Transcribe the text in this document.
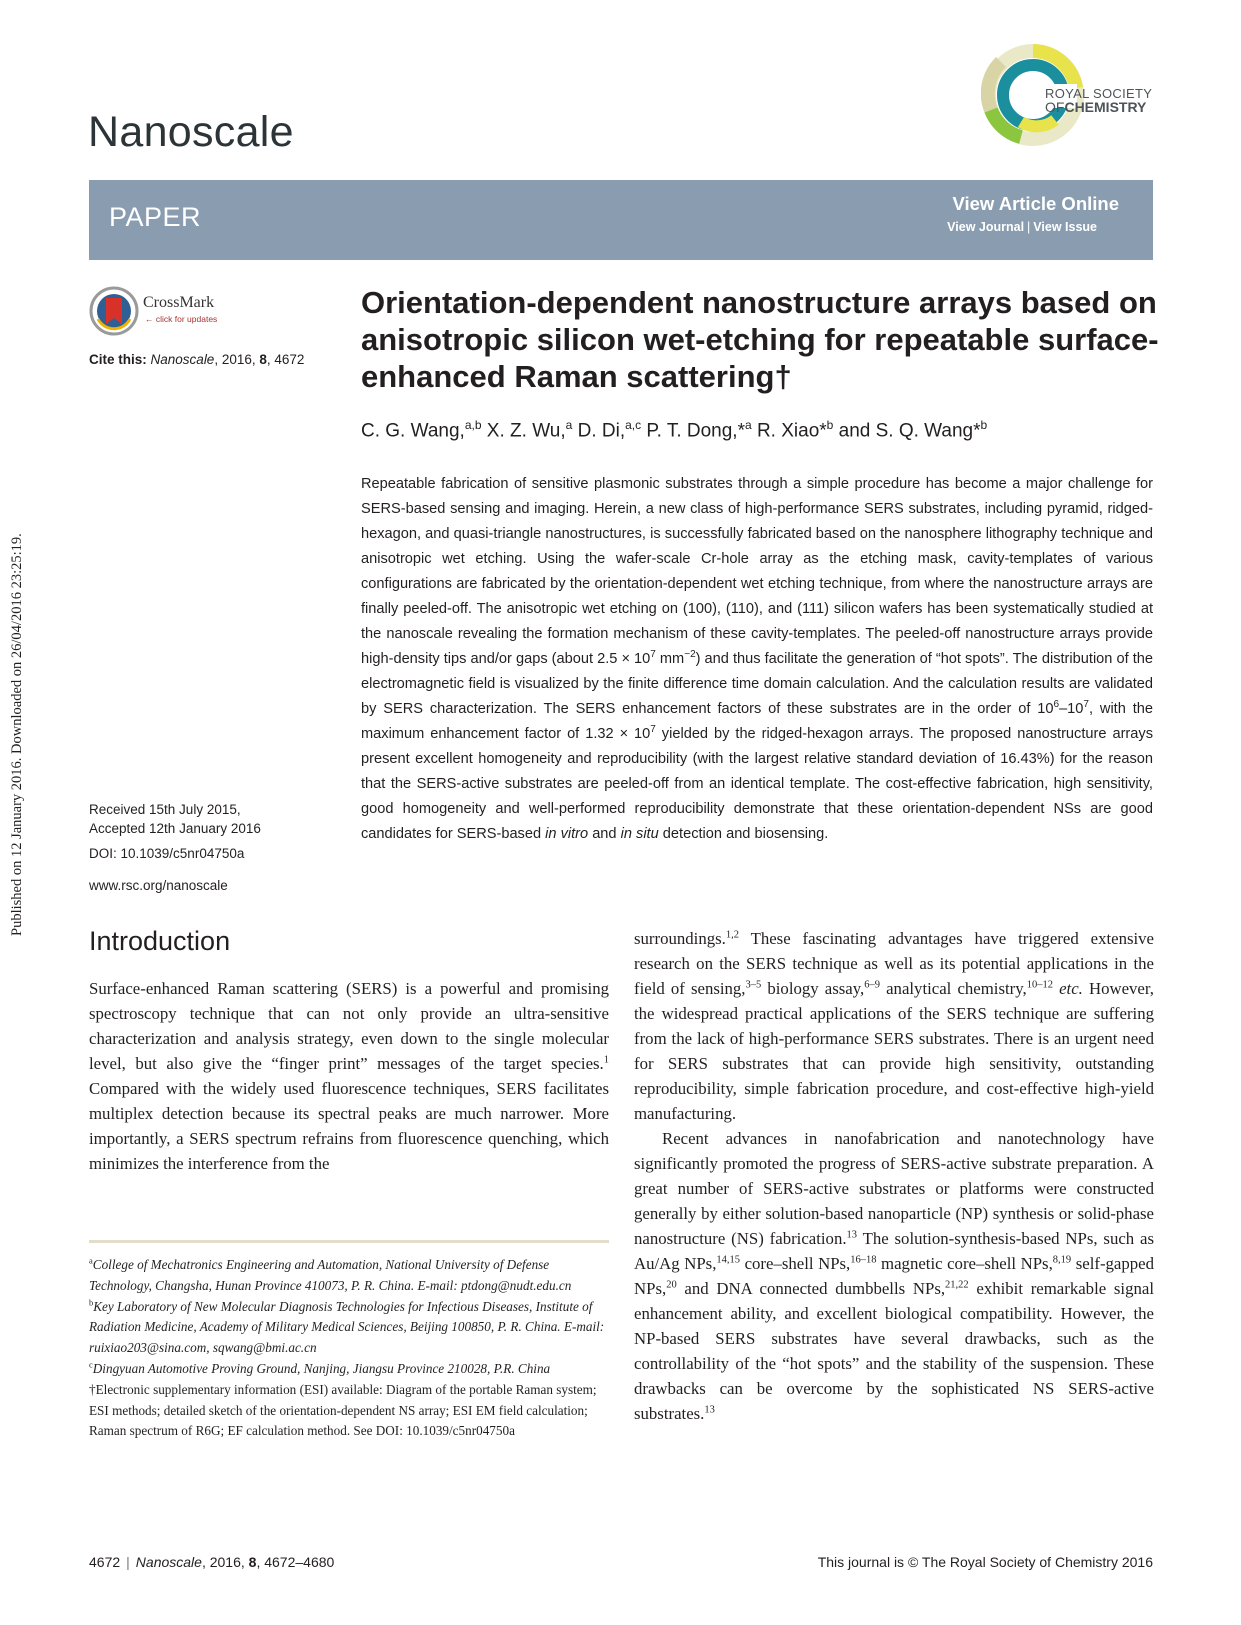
Published on 12 January 2016. Downloaded on 26/04/2016 23:25:19.
Nanoscale
ROYAL SOCIETY
OFCHEMISTRY
PAPER	View Article Online
View Journal | View Issue
CrossMark
← click for updates
Cite this: Nanoscale, 2016, 8, 4672
Orientation-dependent nanostructure arrays based on anisotropic silicon wet-etching for repeatable surface-enhanced Raman scattering†
C. G. Wang,$^{a,b}$ X. Z. Wu,$^a$ D. Di,$^{a,c}$ P. T. Dong,*$^a$ R. Xiao*$^b$ and S. Q. Wang*$^b$
Repeatable fabrication of sensitive plasmonic substrates through a simple procedure has become a major challenge for SERS-based sensing and imaging. Herein, a new class of high-performance SERS substrates, including pyramid, ridged-hexagon, and quasi-triangle nanostructures, is successfully fabricated based on the nanosphere lithography technique and anisotropic wet etching. Using the wafer-scale Cr-hole array as the etching mask, cavity-templates of various configurations are fabricated by the orientation-dependent wet etching technique, from where the nanostructure arrays are finally peeled-off. The anisotropic wet etching on (100), (110), and (111) silicon wafers has been systematically studied at the nanoscale revealing the formation mechanism of these cavity-templates. The peeled-off nanostructure arrays provide high-density tips and/or gaps (about $2.5 \times 10^7$ $mm^{-2}$) and thus facilitate the generation of “hot spots”. The distribution of the electromagnetic field is visualized by the finite difference time domain calculation. And the calculation results are validated by SERS characterization. The SERS enhancement factors of these substrates are in the order of $10^6-10^7$, with the maximum enhancement factor of $1.32 \times 10^7$ yielded by the ridged-hexagon arrays. The proposed nanostructure arrays present excellent homogeneity and reproducibility (with the largest relative standard deviation of 16.43%) for the reason that the SERS-active substrates are peeled-off from an identical template. The cost-effective fabrication, high sensitivity, good homogeneity and well-performed reproducibility demonstrate that these orientation-dependent NSs are good candidates for SERS-based in vitro and in situ detection and biosensing.
Received 15th July 2015,
Accepted 12th January 2016
DOI: 10.1039/c5nr04750a
www.rsc.org/nanoscale
Introduction
Surface-enhanced Raman scattering (SERS) is a powerful and promising spectroscopy technique that can not only provide an ultra-sensitive characterization and analysis strategy, even down to the single molecular level, but also give the “finger print” messages of the target species.$^1$ Compared with the widely used fluorescence techniques, SERS facilitates multiplex detection because its spectral peaks are much narrower. More importantly, a SERS spectrum refrains from fluorescence quenching, which minimizes the interference from the

surroundings.$^{1,2}$ These fascinating advantages have triggered extensive research on the SERS technique as well as its potential applications in the field of sensing,$^{3-5}$ biology assay,$^{6-9}$ analytical chemistry,$^{10-12}$ etc. However, the widespread practical applications of the SERS technique are suffering from the lack of high-performance SERS substrates. There is an urgent need for SERS substrates that can provide high sensitivity, outstanding reproducibility, simple fabrication procedure, and cost-effective high-yield manufacturing.

Recent advances in nanofabrication and nanotechnology have significantly promoted the progress of SERS-active substrate preparation. A great number of SERS-active substrates or platforms were constructed generally by either solution-based nanoparticle (NP) synthesis or solid-phase nanostructure (NS) fabrication.$^{13}$ The solution-synthesis-based NPs, such as Au/Ag NPs,$^{14,15}$ core–shell NPs,$^{16-18}$ magnetic core–shell NPs,$^{8,19}$ self-gapped NPs,$^{20}$ and DNA connected dumbbells NPs,$^{21,22}$ exhibit remarkable signal enhancement ability, and excellent biological compatibility. However, the NP-based SERS substrates have several drawbacks, such as the controllability of the “hot spots” and the stability of the suspension. These drawbacks can be overcome by the sophisticated NS SERS-active substrates.$^{13}$

$^a$College of Mechatronics Engineering and Automation, National University of Defense Technology, Changsha, Hunan Province 410073, P. R. China. E-mail: ptdong@nudt.edu.cn

$^b$Key Laboratory of New Molecular Diagnosis Technologies for Infectious Diseases, Institute of Radiation Medicine, Academy of Military Medical Sciences, Beijing 100850, P. R. China. E-mail: ruixiao203@sina.com, sqwang@bmi.ac.cn

$^c$Dingyuan Automotive Proving Ground, Nanjing, Jiangsu Province 210028, P.R. China

†Electronic supplementary information (ESI) available: Diagram of the portable Raman system; ESI methods; detailed sketch of the orientation-dependent NS array; ESI EM field calculation; Raman spectrum of R6G; EF calculation method. See DOI: 10.1039/c5nr04750a

4672 | Nanoscale, 2016, 8, 4672–4680	This journal is © The Royal Society of Chemistry 2016
